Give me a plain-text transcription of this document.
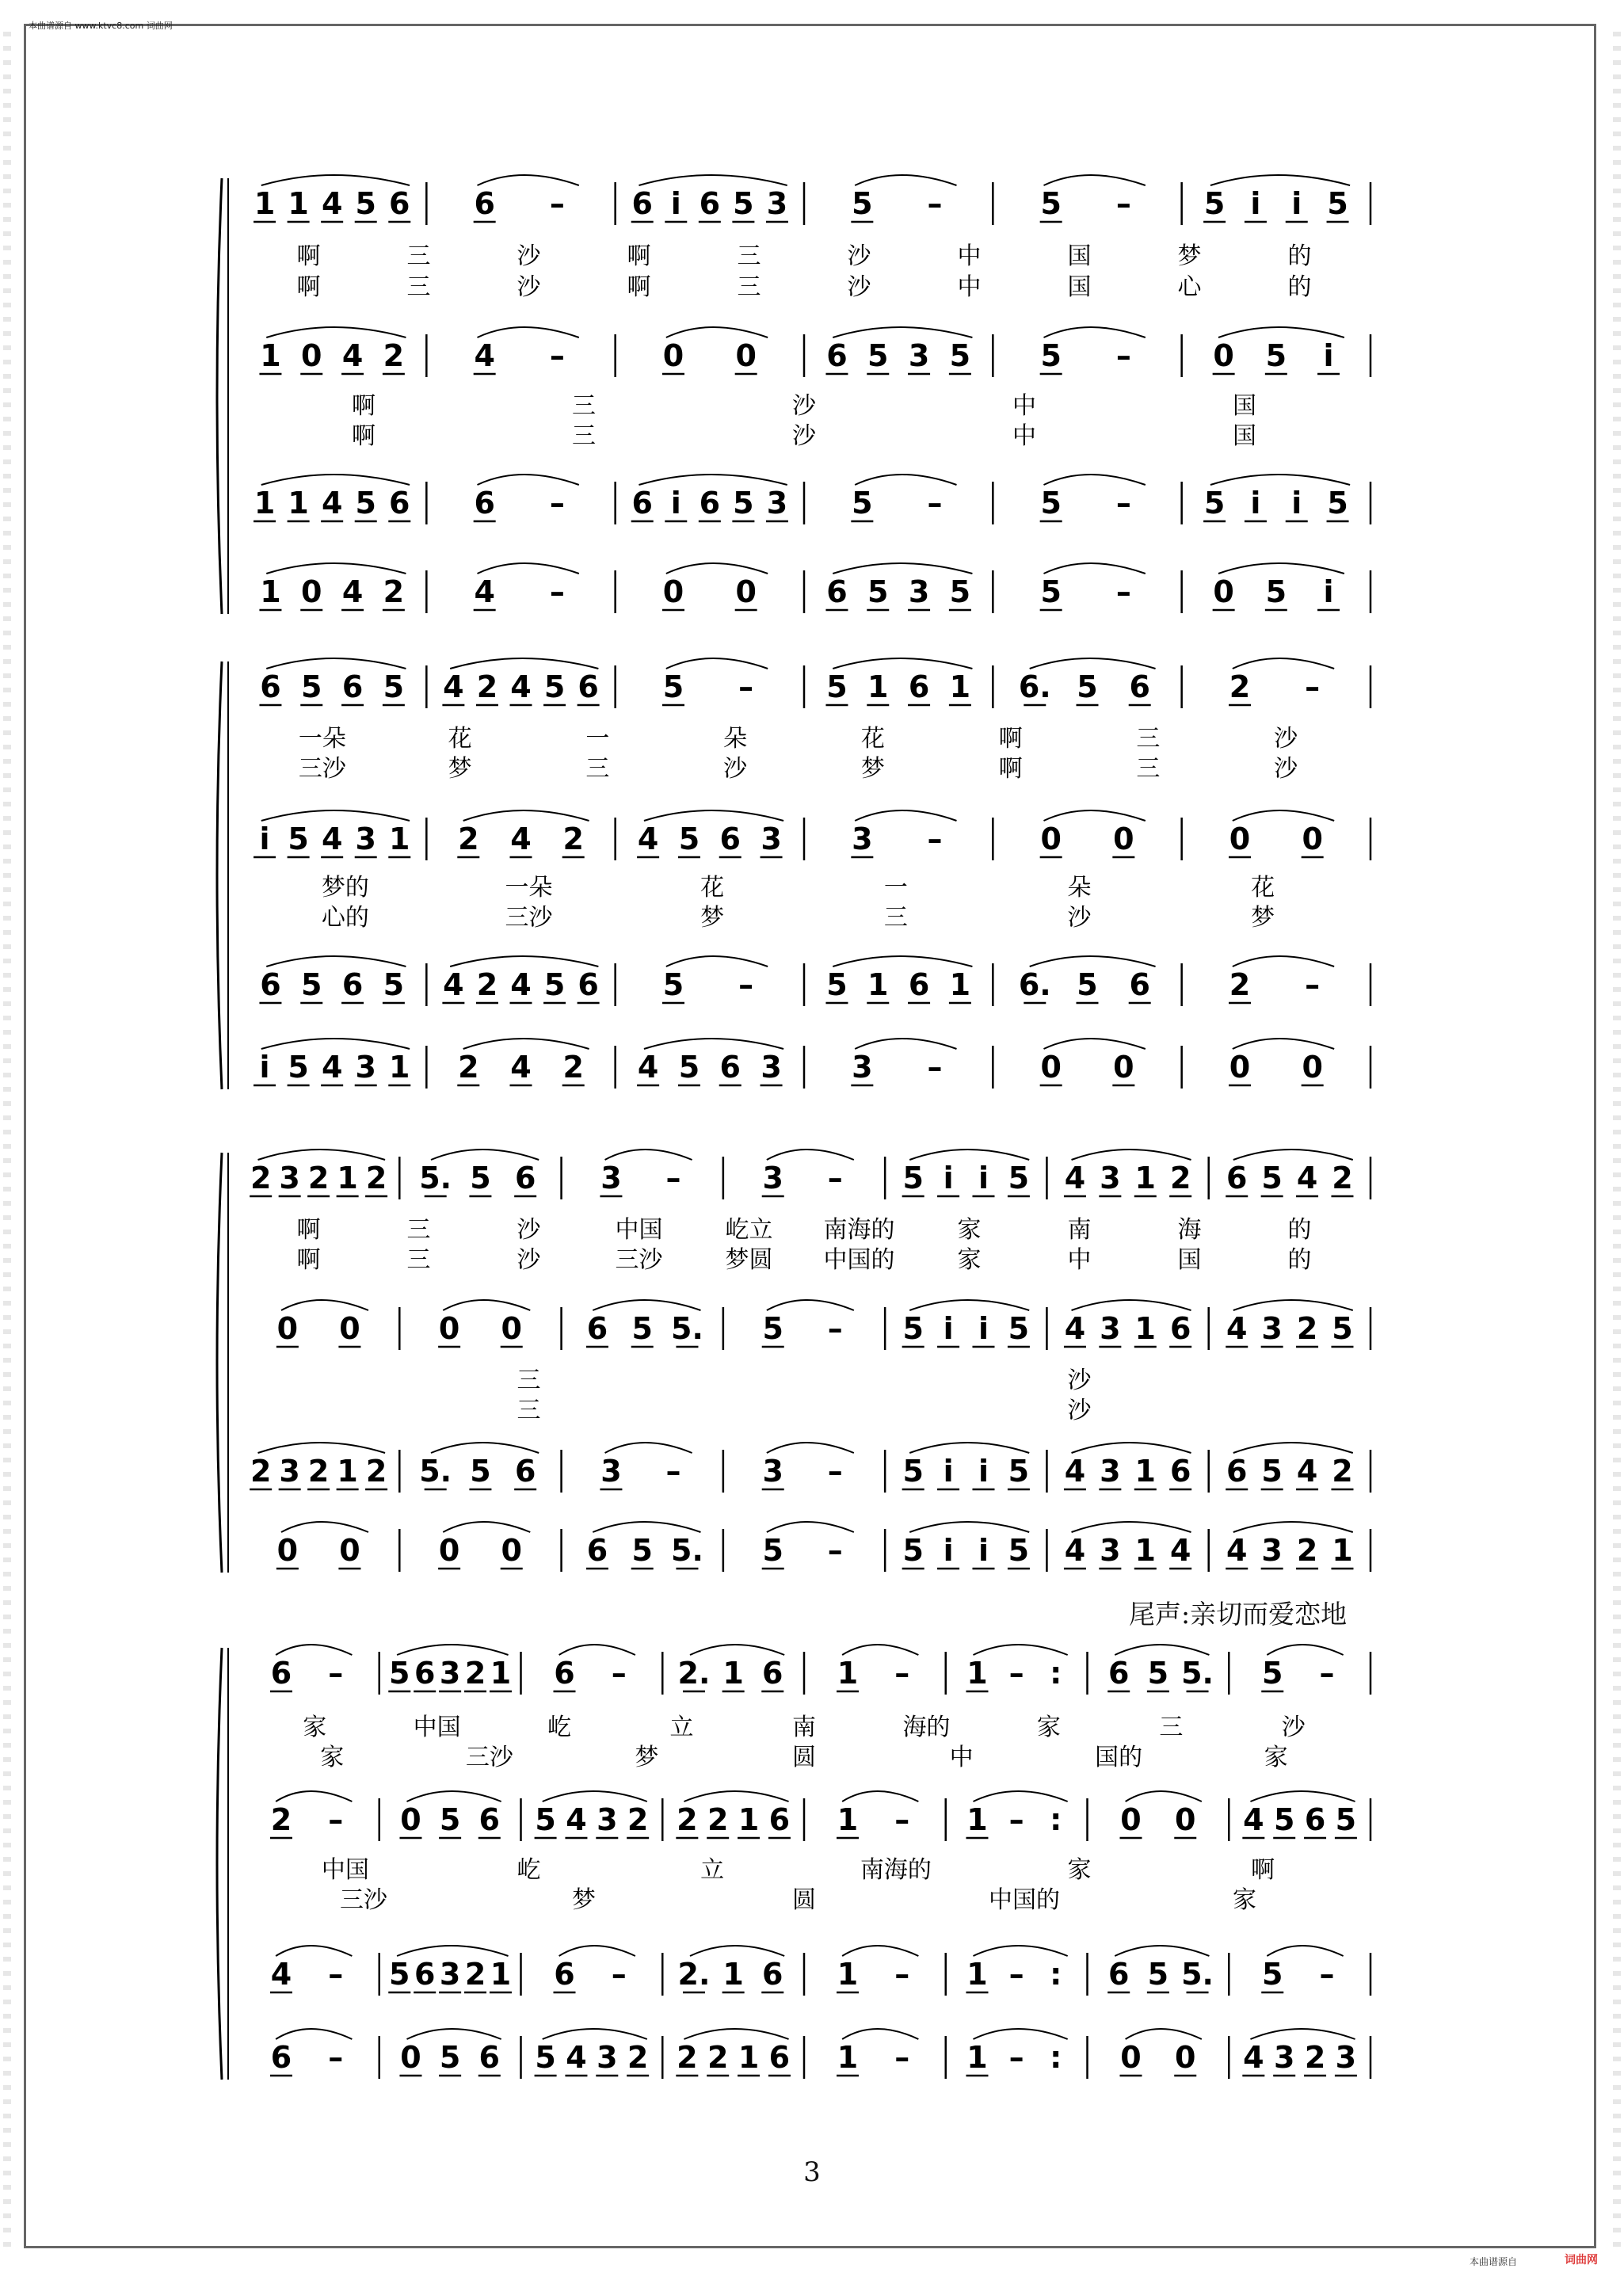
本曲谱源自 www.ktvc8.com 词曲网
1 1 4 5 6 6 – 6 i 6 5 3 5 –	5 – 5 i i 5
啊	三	沙	啊	三	沙	中	国	梦	的
啊	三	沙	啊	三	沙	中	国	心	的
1 0 4 2 4 –	0 0 6 5 3 5 5 –	0 5 i
啊	三	沙	中	国
啊	三	沙	中	国
1 1 4 5 6 6 – 6 i 6 5 3 5 –	5 – 5 i i 5
1 0 4 2 4 –	0 0 6 5 3 5 5 –	0 5 i
6 5 6 5 4 2 4 5 6 5 – 5 1 6 1 6. 5 6	2 –
一朵	花	一	朵	花	啊	三	沙
三沙	梦	三	沙	梦	啊	三	沙
i 5 4 3 1 2 4 2 4 5 6 3 3 –	0 0	0 0
梦的	一朵	花	一	朵	花
心的	三沙	梦	三	沙	梦
6 5 6 5 4 2 4 5 6 5 – 5 1 6 1 6. 5 6	2 –
i 5 4 3 1 2 4 2 4 5 6 3 3 –	0 0	0 0
2 3 2 1 2 5. 5 6 3 –	3 – 5 i i 5 4 3 1 2 6 5 4 2
啊	三	沙	中国	屹立 南海的	家	南	海	的
啊	三	沙	三沙	梦圆 中国的	家	中	国	的
0 0	0 0 6 5 5. 5 – 5 i i 5 4 3 1 6 4 3 2 5
三	沙
三	沙
2 3 2 1 2 5. 5 6 3 –	3 – 5 i i 5 4 3 1 6 6 5 4 2
0 0	0 0 6 5 5. 5 – 5 i i 5 4 3 1 4 4 3 2 1
6 – 5 6 3 2 1 6 – 2. 1 6 1 – 1 – : 6 5 5. 5 –
家	中国	屹	立	南	海的	家	三	沙
家	三沙	梦	圆	中	国的	家
2 – 0 5 6 5 4 3 2 2 2 1 6 1 – 1 – : 0 0 4 5 6 5
中国	屹	立	南海的	家	啊
三沙	梦	圆	中国的	家
4 – 5 6 3 2 1 6 – 2. 1 6 1 – 1 – : 6 5 5. 5 –
6 – 0 5 6 5 4 3 2 2 2 1 6 1 – 1 – : 0 0 4 3 2 3
尾声:亲切而爱恋地
3
本曲谱源自	词曲网
